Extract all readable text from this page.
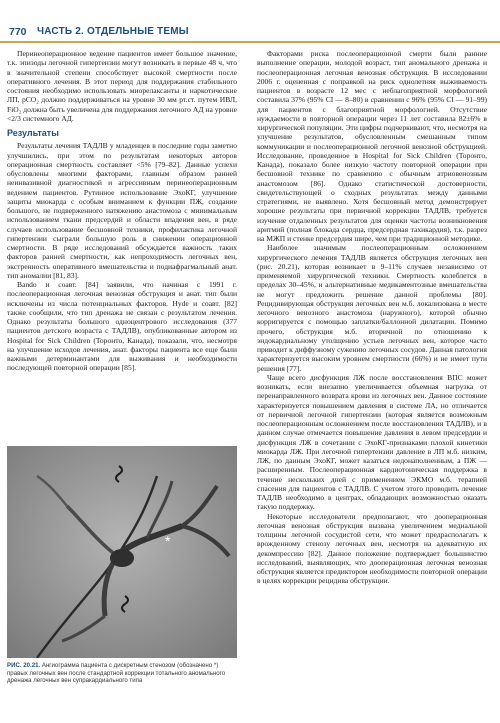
770 ЧАСТЬ 2. ОТДЕЛЬНЫЕ ТЕМЫ

Перинеоперационное ведение пациентов имеет большое значение, т.к. эпизоды легочной гипертензии могут возникать в первые 48 ч, что в значительной степени способствует высокой смертности после оперативного лечения. В этот период для поддержания стабильного состояния необходимо использовать миорелаксанты и наркотические ЛП, рСО₂ должно поддерживаться на уровне 30 мм рт.ст. путем ИВЛ, FiO₂ должна быть увеличена для поддержания легочного АД на уровне <2/3 системного АД.

Результаты

Результаты лечения ТАДЛВ у младенцев в последние годы заметно улучшились, при этом по результатам некоторых авторов операционная смертность составляет <5% [79–82]. Данные успехи обусловлены многими факторами, главным образом ранней неинвазивной диагностикой и агрессивным перинеоперационным ведением пациентов. Рутинное использование ЭхоКГ, улучшение защиты миокарда с особым вниманием к функции ПЖ, создание большого, не подверженного натяжению анастомоза с минимальным использованием ткани предсердий и области впадения вен, в ряде случаев использование бесшовной техники, профилактика легочной гипертензии сыграли большую роль в снижении операционной смертности. В ряде исследований обсуждается важность таких факторов ранней смертности, как непроходимость легочных вен, экстренность оперативного вмешательства и подиафрагмальный анат. тип аномалии [81, 83].

Bando и соавт. [84] заявили, что начиная с 1991 г. послеоперационная легочная венозная обструкция и анат. тип были исключены из числа потенциальных факторов. Hyde и соавт. [82] также сообщили, что тип дренажа не связан с результатом лечения. Однако результаты большого одноцентрового исследования (377 пациентов детского возраста с ТАДЛВ), опубликованные автором из Hospital for Sick Children (Торонто, Канада), показали, что, несмотря на улучшение исходов лечения, анат. факторы пациента все еще были важными детерминантами для выживания и необходимости последующей повторной операции [85].

*
РИС. 20.21. Ангиограмма пациента с дискретным стенозом (обозначено *) правых легочных вен после стандартной коррекции тотального аномального дренажа легочных вен супракардиального типа

Факторами риска послеоперационной смерти были ранние выполнение операции, молодой возраст, тип аномального дренажа и послеоперационная легочная венозная обструкция. В исследовании 2006 г. оцененная с поправкой на риск однолетняя выживаемость пациентов в возрасте 12 мес с неблагоприятной морфологией составила 37% (95% СI — 8–80) в сравнении с 96% (95% СI — 91–99) для пациентов с благоприятной морфологией. Отсутствие нуждаемости в повторной операции через 11 лет составила 82±6% в хирургической популяции. Эти цифры подчеркивают, что, несмотря на улучшение результатов, обусловленным смешанным типом коммуникации и послеоперационной легочной венозной обструкцией. Исследование, проведенное в Hospital for Sick Children (Торонто, Канада), показало более низкую частоту повторной операции при бесшовной технике по сравнению с обычным атриовенозным анастомозом [86]. Однако статистической достоверности, свидетельствующей о сходных результатах между данными стратегиями, не выявлено. Хотя бесшовный метод демонстрирует хорошие результаты при первичной коррекции ТАДЛВ, требуется изучение отдаленных результатов для оценки частоты возникновения аритмий (полная блокада сердца, предсердная тахикардия), т.к. разрез на МЖП и стенке предсердия шире, чем при традиционной методике.

Наиболее значимым послеоперационным осложнением хирургического лечения ТАДЛВ является обструкция легочных вен (рис. 20.21), которая возникает в 9–11% случаев независимо от применяемой хирургической техники. Смертность колеблется в пределах 30–45%, и альтернативные медикаментозные вмешательства не могут предложить решение данной проблемы [80]. Рецидивирующая обструкция легочных вен м.б. локализована в месте легочного венозного анастомоза (наружного), которой обычно корригируется с помощью заплатки/баллонной дилатации. Помимо прочего, обструкция м.б. вторичной по отношению к эндокардиальному утолщению устьев легочных вен, которое часто приводит к диффузному сужению легочных сосудов. Данная патология характеризуется высоким уровнем смертности (66%) и не имеет пути решения [77].

Чаще всего дисфункция ЛЖ после восстановления ВПС может возникать, если внезапно увеличивается объемная нагрузка от перенаправленного возврата крови из легочных вен. Данное состояние характеризуется повышением давления в системе ЛА, но отличается от первичной легочной гипертензии (которая является возможным послеоперационным осложнением после восстановления ТАДЛВ), и в данном случае отмечается повышение давления в левом предсердии и дисфункция ЛЖ в сочетании с ЭхоКГ-признаками плохой кинетики миокарда ЛЖ. При легочной гипертензии давление в ЛП м.б. низким, ЛЖ, по данным ЭхоКГ, может казаться недонаполненным, а ПЖ — расширенным. Послеоперационная кардиотоническая поддержка в течение нескольких дней с применением ЭКМО м.б. терапией спасения для пациентов с ТАДЛВ. С учетом этого проводить лечение ТАДЛВ необходимо в центрах, обладающих возможностью оказать такую поддержку.

Некоторые исследователи предполагают, что дооперационная легочная венозная обструкция вызвана увеличением медиальной толщины легочной сосудистой сети, что может предрасполагать к врожденному стенозу легочных вен, несмотря на адекватную их декомпрессию [82]. Данное положение подтверждает большинство исследований, выявляющих, что дооперационная легочная венозная обструкция является предиктором необходимости повторной операции в целях коррекции рецидива обструкции.
